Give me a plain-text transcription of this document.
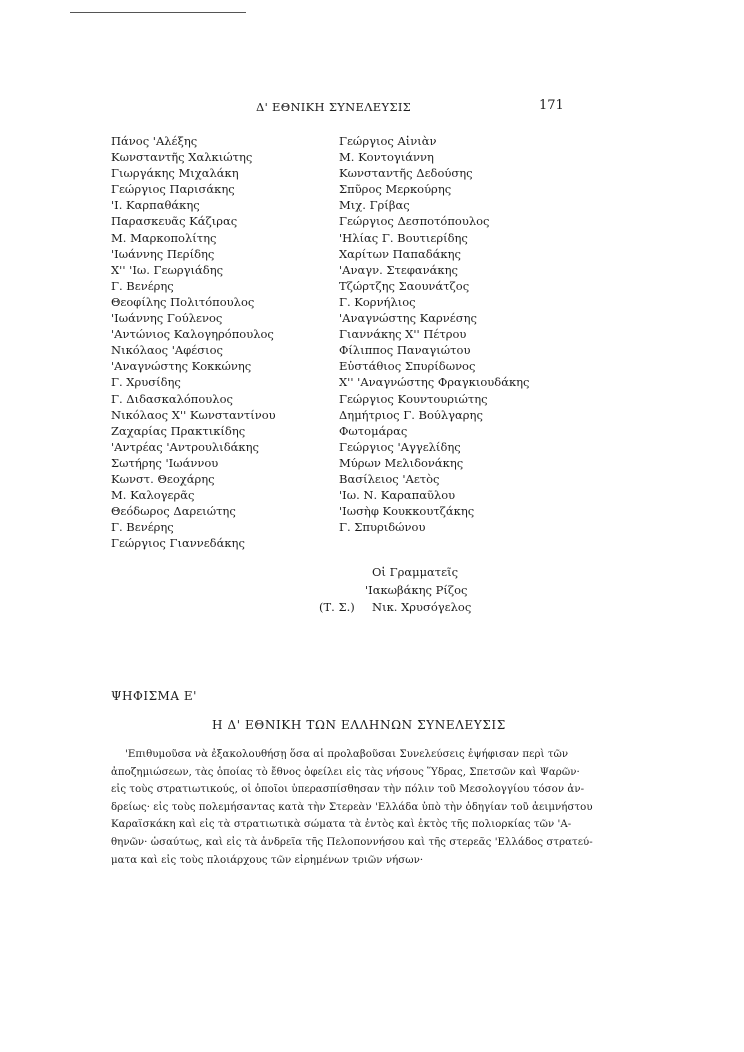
Δ' ΕΘΝΙΚΗ ΣΥΝΕΛΕΥΣΙΣ	171
Πάνος 'Αλέξης
Κωνσταντῆς Χαλκιώτης
Γιωργάκης Μιχαλάκη
Γεώργιος Παρισάκης
'Ι. Καρπαθάκης
Παρασκευᾶς Κάζιρας
Μ. Μαρκοπολίτης
'Ιωάννης Περίδης
Χ'' 'Ιω. Γεωργιάδης
Γ. Βενέρης
Θεοφίλης Πολιτόπουλος
'Ιωάννης Γούλενος
'Αντώνιος Καλογηρόπουλος
Νικόλαος 'Αφέσιος
'Αναγνώστης Κοκκώνης
Γ. Χρυσίδης
Γ. Διδασκαλόπουλος
Νικόλαος Χ'' Κωνσταντίνου
Ζαχαρίας Πρακτικίδης
'Αντρέας 'Αντρουλιδάκης
Σωτήρης 'Ιωάννου
Κωνστ. Θεοχάρης
Μ. Καλογερᾶς
Θεόδωρος Δαρειώτης
Γ. Βενέρης
Γεώργιος Γιαννεδάκης
Γεώργιος Αἰνιὰν
Μ. Κοντογιάννη
Κωνσταντῆς Δεδούσης
Σπῦρος Μερκούρης
Μιχ. Γρίβας
Γεώργιος Δεσποτόπουλος
'Ηλίας Γ. Βουτιερίδης
Χαρίτων Παπαδάκης
'Αναγν. Στεφανάκης
Τζώρτζης Σαουνάτζος
Γ. Κορνήλιος
'Αναγνώστης Καρνέσης
Γιαννάκης Χ'' Πέτρου
Φίλιππος Παναγιώτου
Εὐστάθιος Σπυρίδωνος
Χ'' 'Αναγνώστης Φραγκιουδάκης
Γεώργιος Κουντουριώτης
Δημήτριος Γ. Βούλγαρης
Φωτομάρας
Γεώργιος 'Αγγελίδης
Μύρων Μελιδονάκης
Βασίλειος 'Αετὸς
'Ιω. Ν. Καραπαῦλου
'Ιωσὴφ Κουκκουτζάκης
Γ. Σπυριδώνου
Οἱ Γραμματεῖς
'Ιακωβάκης Ρίζος
(Τ. Σ.) Νικ. Χρυσόγελος
ΨΗΦΙΣΜΑ Ε'
Η Δ' ΕΘΝΙΚΗ ΤΩΝ ΕΛΛΗΝΩΝ ΣΥΝΕΛΕΥΣΙΣ
'Επιθυμοῦσα νὰ ἐξακολουθήσῃ ὅσα αἱ προλαβοῦσαι Συνελεύσεις ἐψήφισαν περὶ τῶν
ἀποζημιώσεων, τὰς ὁποίας τὸ ἔθνος ὀφείλει εἰς τὰς νήσους Ὕδρας, Σπετσῶν καὶ Ψαρῶν·
εἰς τοὺς στρατιωτικούς, οἱ ὁποῖοι ὑπερασπίσθησαν τὴν πόλιν τοῦ Μεσολογγίου τόσον ἀν-
δρείως· εἰς τοὺς πολεμήσαντας κατὰ τὴν Στερεὰν 'Ελλάδα ὑπὸ τὴν ὁδηγίαν τοῦ ἀειμνήστου
Καραϊσκάκη καὶ εἰς τὰ στρατιωτικὰ σώματα τὰ ἐντὸς καὶ ἐκτὸς τῆς πολιορκίας τῶν 'Α-
θηνῶν· ὡσαύτως, καὶ εἰς τὰ ἀνδρεῖα τῆς Πελοποννήσου καὶ τῆς στερεᾶς 'Ελλάδος στρατεύ-
ματα καὶ εἰς τοὺς πλοιάρχους τῶν εἰρημένων τριῶν νήσων·
